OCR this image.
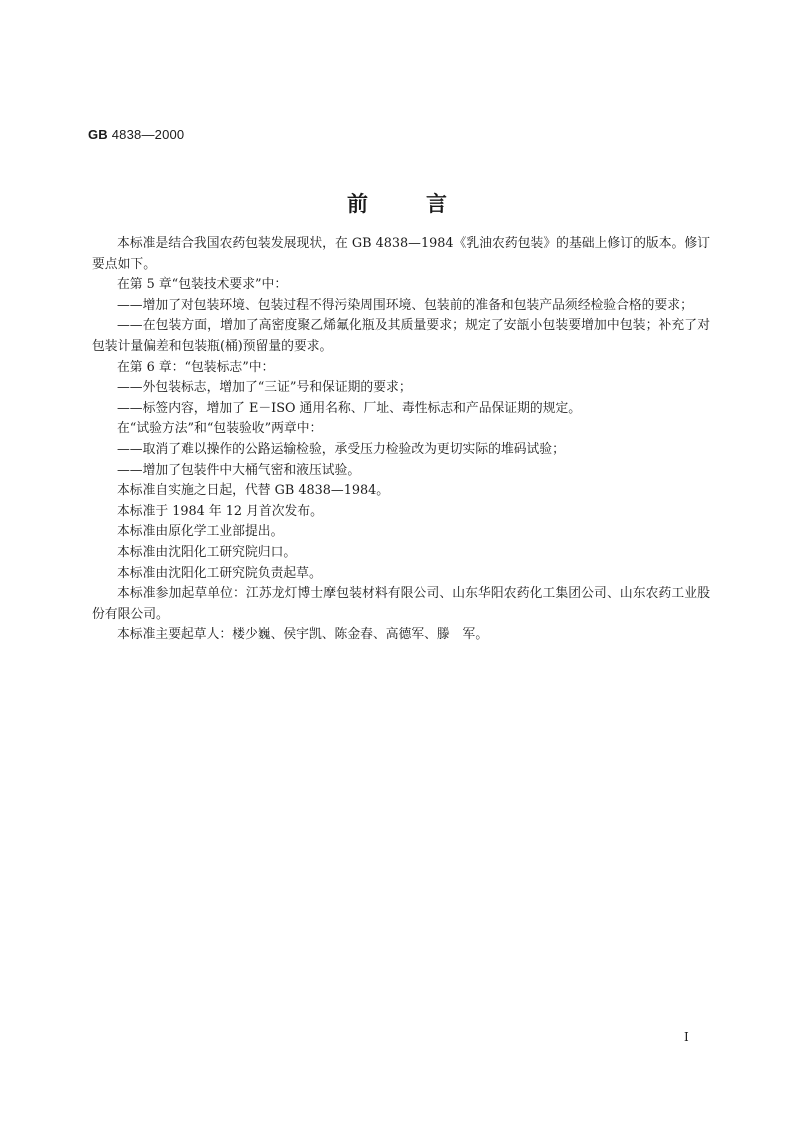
GB 4838—2000
前言

本标准是结合我国农药包装发展现状，在 GB 4838—1984《乳油农药包装》的基础上修订的版本。修订要点如下。

在第 5 章“包装技术要求”中：

——增加了对包装环境、包装过程不得污染周围环境、包装前的准备和包装产品须经检验合格的要求；

——在包装方面，增加了高密度聚乙烯氟化瓶及其质量要求；规定了安瓿小包装要增加中包装；补充了对包装计量偏差和包装瓶(桶)预留量的要求。

在第 6 章：“包装标志”中：

——外包装标志，增加了“三证”号和保证期的要求；

——标签内容，增加了 E－ISO 通用名称、厂址、毒性标志和产品保证期的规定。

在“试验方法”和“包装验收”两章中：

——取消了难以操作的公路运输检验，承受压力检验改为更切实际的堆码试验；

——增加了包装件中大桶气密和液压试验。

本标准自实施之日起，代替 GB 4838—1984。

本标准于 1984 年 12 月首次发布。

本标准由原化学工业部提出。

本标准由沈阳化工研究院归口。

本标准由沈阳化工研究院负责起草。

本标准参加起草单位：江苏龙灯博士摩包装材料有限公司、山东华阳农药化工集团公司、山东农药工业股份有限公司。

本标准主要起草人：楼少巍、侯宇凯、陈金春、高德军、滕　军。

I
